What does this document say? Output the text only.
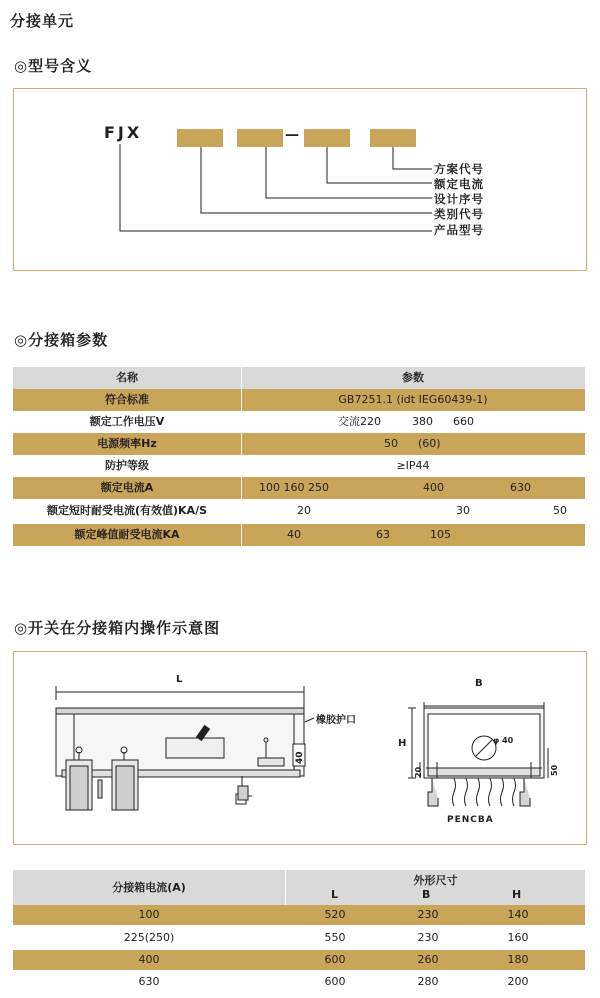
分接单元
◎型号含义
FJX	—
方案代号
额定电流
设计序号
类别代号
产品型号
◎分接箱参数
名称	参数
符合标准	GB7251.1 (idt IEG60439-1)
额定工作电压V	交流220	380 660
电源频率Hz	50 (60)
防护等级	≥IP44
额定电流A	100 160 250	400	630
额定短时耐受电流(有效值)KA/S	20	30	50
额定峰值耐受电流KA	40	63	105
◎开关在分接箱内操作示意图
L
橡胶护口
40
B
H	φ 40
20	50
PENCBA
分接箱电流(A)
外形尺寸
L	B	H
100	520	230	140
225(250)	550	230	160
400	600	260	180
630	600	280	200
